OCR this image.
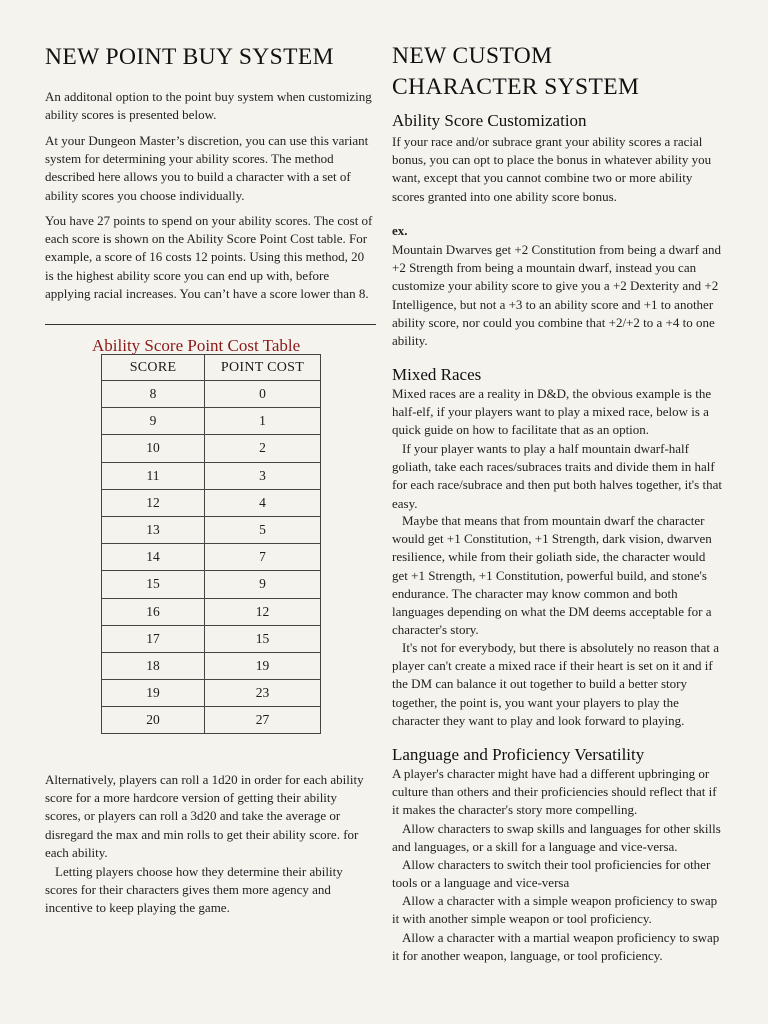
NEW POINT BUY SYSTEM

An additonal option to the point buy system when customizing ability scores is presented below.

At your Dungeon Master’s discretion, you can use this variant system for determining your ability scores. The method described here allows you to build a character with a set of ability scores you choose individually.

You have 27 points to spend on your ability scores. The cost of each score is shown on the Ability Score Point Cost table. For example, a score of 16 costs 12 points. Using this method, 20 is the highest ability score you can end up with, before applying racial increases. You can’t have a score lower than 8.

Ability Score Point Cost Table
SCORE	POINT COST
8	0
9	1
10	2
11	3
12	4
13	5
14	7
15	9
16	12
17	15
18	19
19	23
20	27

Alternatively, players can roll a 1d20 in order for each ability score for a more hardcore version of getting their ability scores, or players can roll a 3d20 and take the average or disregard the max and min rolls to get their ability score. for each ability.

Letting players choose how they determine their ability scores for their characters gives them more agency and incentive to keep playing the game.

NEW CUSTOM CHARACTER SYSTEM
Ability Score Customization

If your race and/or subrace grant your ability scores a racial bonus, you can opt to place the bonus in whatever ability you want, except that you cannot combine two or more ability scores granted into one ability score bonus.

ex.

Mountain Dwarves get +2 Constitution from being a dwarf and +2 Strength from being a mountain dwarf, instead you can customize your ability score to give you a +2 Dexterity and +2 Intelligence, but not a +3 to an ability score and +1 to another ability score, nor could you combine that +2/+2 to a +4 to one ability.

Mixed Races

Mixed races are a reality in D&D, the obvious example is the half-elf, if your players want to play a mixed race, below is a quick guide on how to facilitate that as an option.

If your player wants to play a half mountain dwarf-half goliath, take each races/subraces traits and divide them in half for each race/subrace and then put both halves together, it's that easy.

Maybe that means that from mountain dwarf the character would get +1 Constitution, +1 Strength, dark vision, dwarven resilience, while from their goliath side, the character would get +1 Strength, +1 Constitution, powerful build, and stone's endurance. The character may know common and both languages depending on what the DM deems acceptable for a character's story.

It's not for everybody, but there is absolutely no reason that a player can't create a mixed race if their heart is set on it and if the DM can balance it out together to build a better story together, the point is, you want your players to play the character they want to play and look forward to playing.

Language and Proficiency Versatility

A player's character might have had a different upbringing or culture than others and their proficiencies should reflect that if it makes the character's story more compelling.

Allow characters to swap skills and languages for other skills and languages, or a skill for a language and vice-versa.

Allow characters to switch their tool proficiencies for other tools or a language and vice-versa

Allow a character with a simple weapon proficiency to swap it with another simple weapon or tool proficiency.

Allow a character with a martial weapon proficiency to swap it for another weapon, language, or tool proficiency.
